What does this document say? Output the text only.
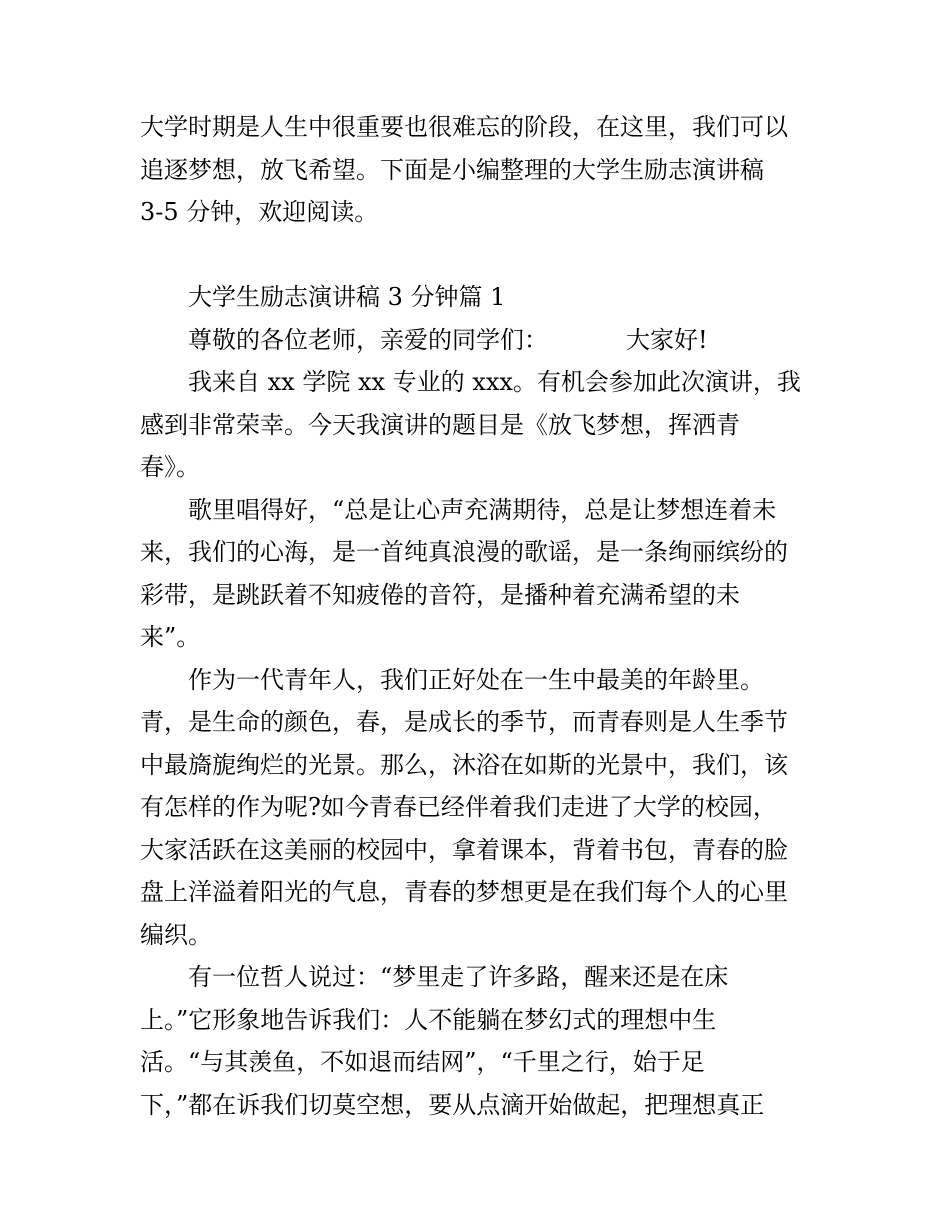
大学时期是人生中很重要也很难忘的阶段，在这里，我们可以
追逐梦想，放飞希望。下面是小编整理的大学生励志演讲稿
3-5 分钟，欢迎阅读。
大学生励志演讲稿 3 分钟篇 1
尊敬的各位老师，亲爱的同学们：	大家好!
我来自 xx 学院 xx 专业的 xxx。有机会参加此次演讲，我
感到非常荣幸。今天我演讲的题目是《放飞梦想，挥洒青
春》。
歌里唱得好，“总是让心声充满期待，总是让梦想连着未
来，我们的心海，是一首纯真浪漫的歌谣，是一条绚丽缤纷的
彩带，是跳跃着不知疲倦的音符，是播种着充满希望的未
来”。
作为一代青年人，我们正好处在一生中最美的年龄里。
青，是生命的颜色，春，是成长的季节，而青春则是人生季节
中最旖旎绚烂的光景。那么，沐浴在如斯的光景中，我们，该
有怎样的作为呢?如今青春已经伴着我们走进了大学的校园，
大家活跃在这美丽的校园中，拿着课本，背着书包，青春的脸
盘上洋溢着阳光的气息，青春的梦想更是在我们每个人的心里
编织。
有一位哲人说过：“梦里走了许多路，醒来还是在床
上。”它形象地告诉我们：人不能躺在梦幻式的理想中生
活。“与其羡鱼，不如退而结网”，“千里之行，始于足
下，”都在诉我们切莫空想，要从点滴开始做起，把理想真正
